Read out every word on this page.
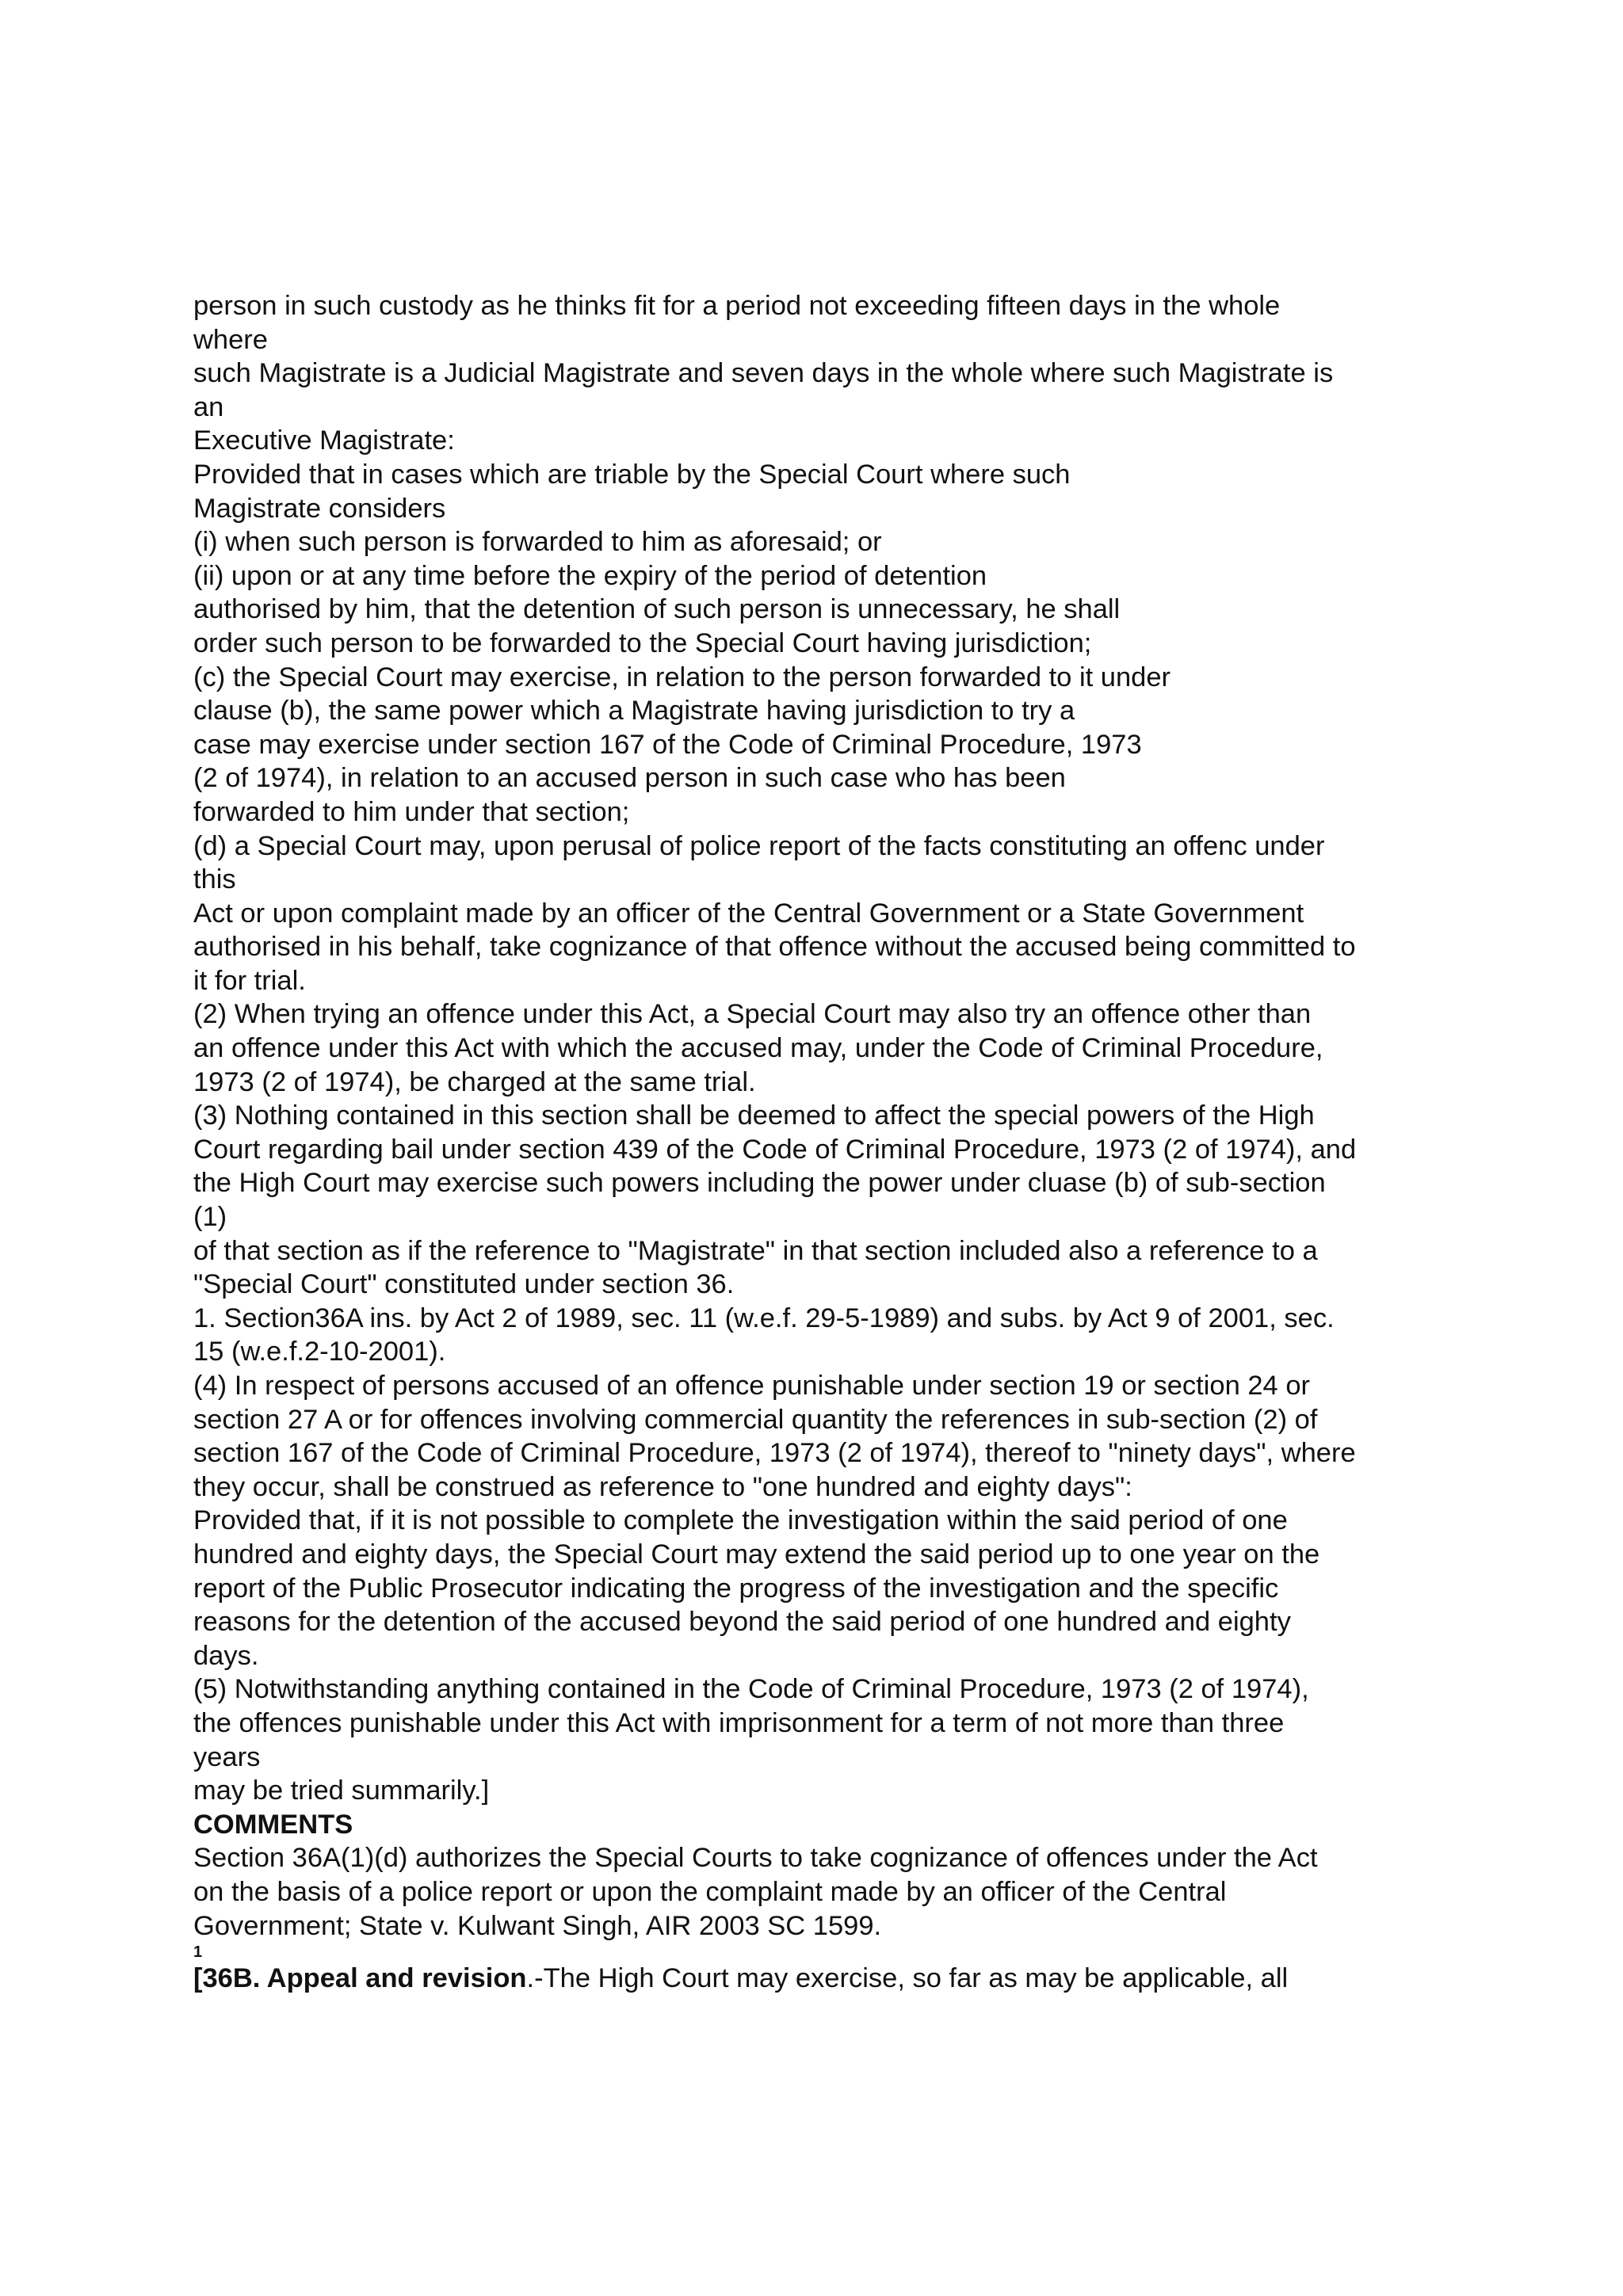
person in such custody as he thinks fit for a period not exceeding fifteen days in the whole
where
such Magistrate is a Judicial Magistrate and seven days in the whole where such Magistrate is
an
Executive Magistrate:
Provided that in cases which are triable by the Special Court where such
Magistrate considers
(i) when such person is forwarded to him as aforesaid; or
(ii) upon or at any time before the expiry of the period of detention
authorised by him, that the detention of such person is unnecessary, he shall
order such person to be forwarded to the Special Court having jurisdiction;
(c) the Special Court may exercise, in relation to the person forwarded to it under
clause (b), the same power which a Magistrate having jurisdiction to try a
case may exercise under section 167 of the Code of Criminal Procedure, 1973
(2 of 1974), in relation to an accused person in such case who has been
forwarded to him under that section;
(d) a Special Court may, upon perusal of police report of the facts constituting an offenc under
this
Act or upon complaint made by an officer of the Central Government or a State Government
authorised in his behalf, take cognizance of that offence without the accused being committed to
it for trial.
(2) When trying an offence under this Act, a Special Court may also try an offence other than
an offence under this Act with which the accused may, under the Code of Criminal Procedure,
1973 (2 of 1974), be charged at the same trial.
(3) Nothing contained in this section shall be deemed to affect the special powers of the High
Court regarding bail under section 439 of the Code of Criminal Procedure, 1973 (2 of 1974), and
the High Court may exercise such powers including the power under cluase (b) of sub-section
(1)
of that section as if the reference to "Magistrate" in that section included also a reference to a
"Special Court" constituted under section 36.
1. Section36A ins. by Act 2 of 1989, sec. 11 (w.e.f. 29-5-1989) and subs. by Act 9 of 2001, sec.
15 (w.e.f.2-10-2001).
(4) In respect of persons accused of an offence punishable under section 19 or section 24 or
section 27 A or for offences involving commercial quantity the references in sub-section (2) of
section 167 of the Code of Criminal Procedure, 1973 (2 of 1974), thereof to "ninety days", where
they occur, shall be construed as reference to "one hundred and eighty days":
Provided that, if it is not possible to complete the investigation within the said period of one
hundred and eighty days, the Special Court may extend the said period up to one year on the
report of the Public Prosecutor indicating the progress of the investigation and the specific
reasons for the detention of the accused beyond the said period of one hundred and eighty
days.
(5) Notwithstanding anything contained in the Code of Criminal Procedure, 1973 (2 of 1974),
the offences punishable under this Act with imprisonment for a term of not more than three
years
may be tried summarily.]
COMMENTS
Section 36A(1)(d) authorizes the Special Courts to take cognizance of offences under the Act
on the basis of a police report or upon the complaint made by an officer of the Central
Government; State v. Kulwant Singh, AIR 2003 SC 1599.
1
[36B. Appeal and revision.-The High Court may exercise, so far as may be applicable, all
